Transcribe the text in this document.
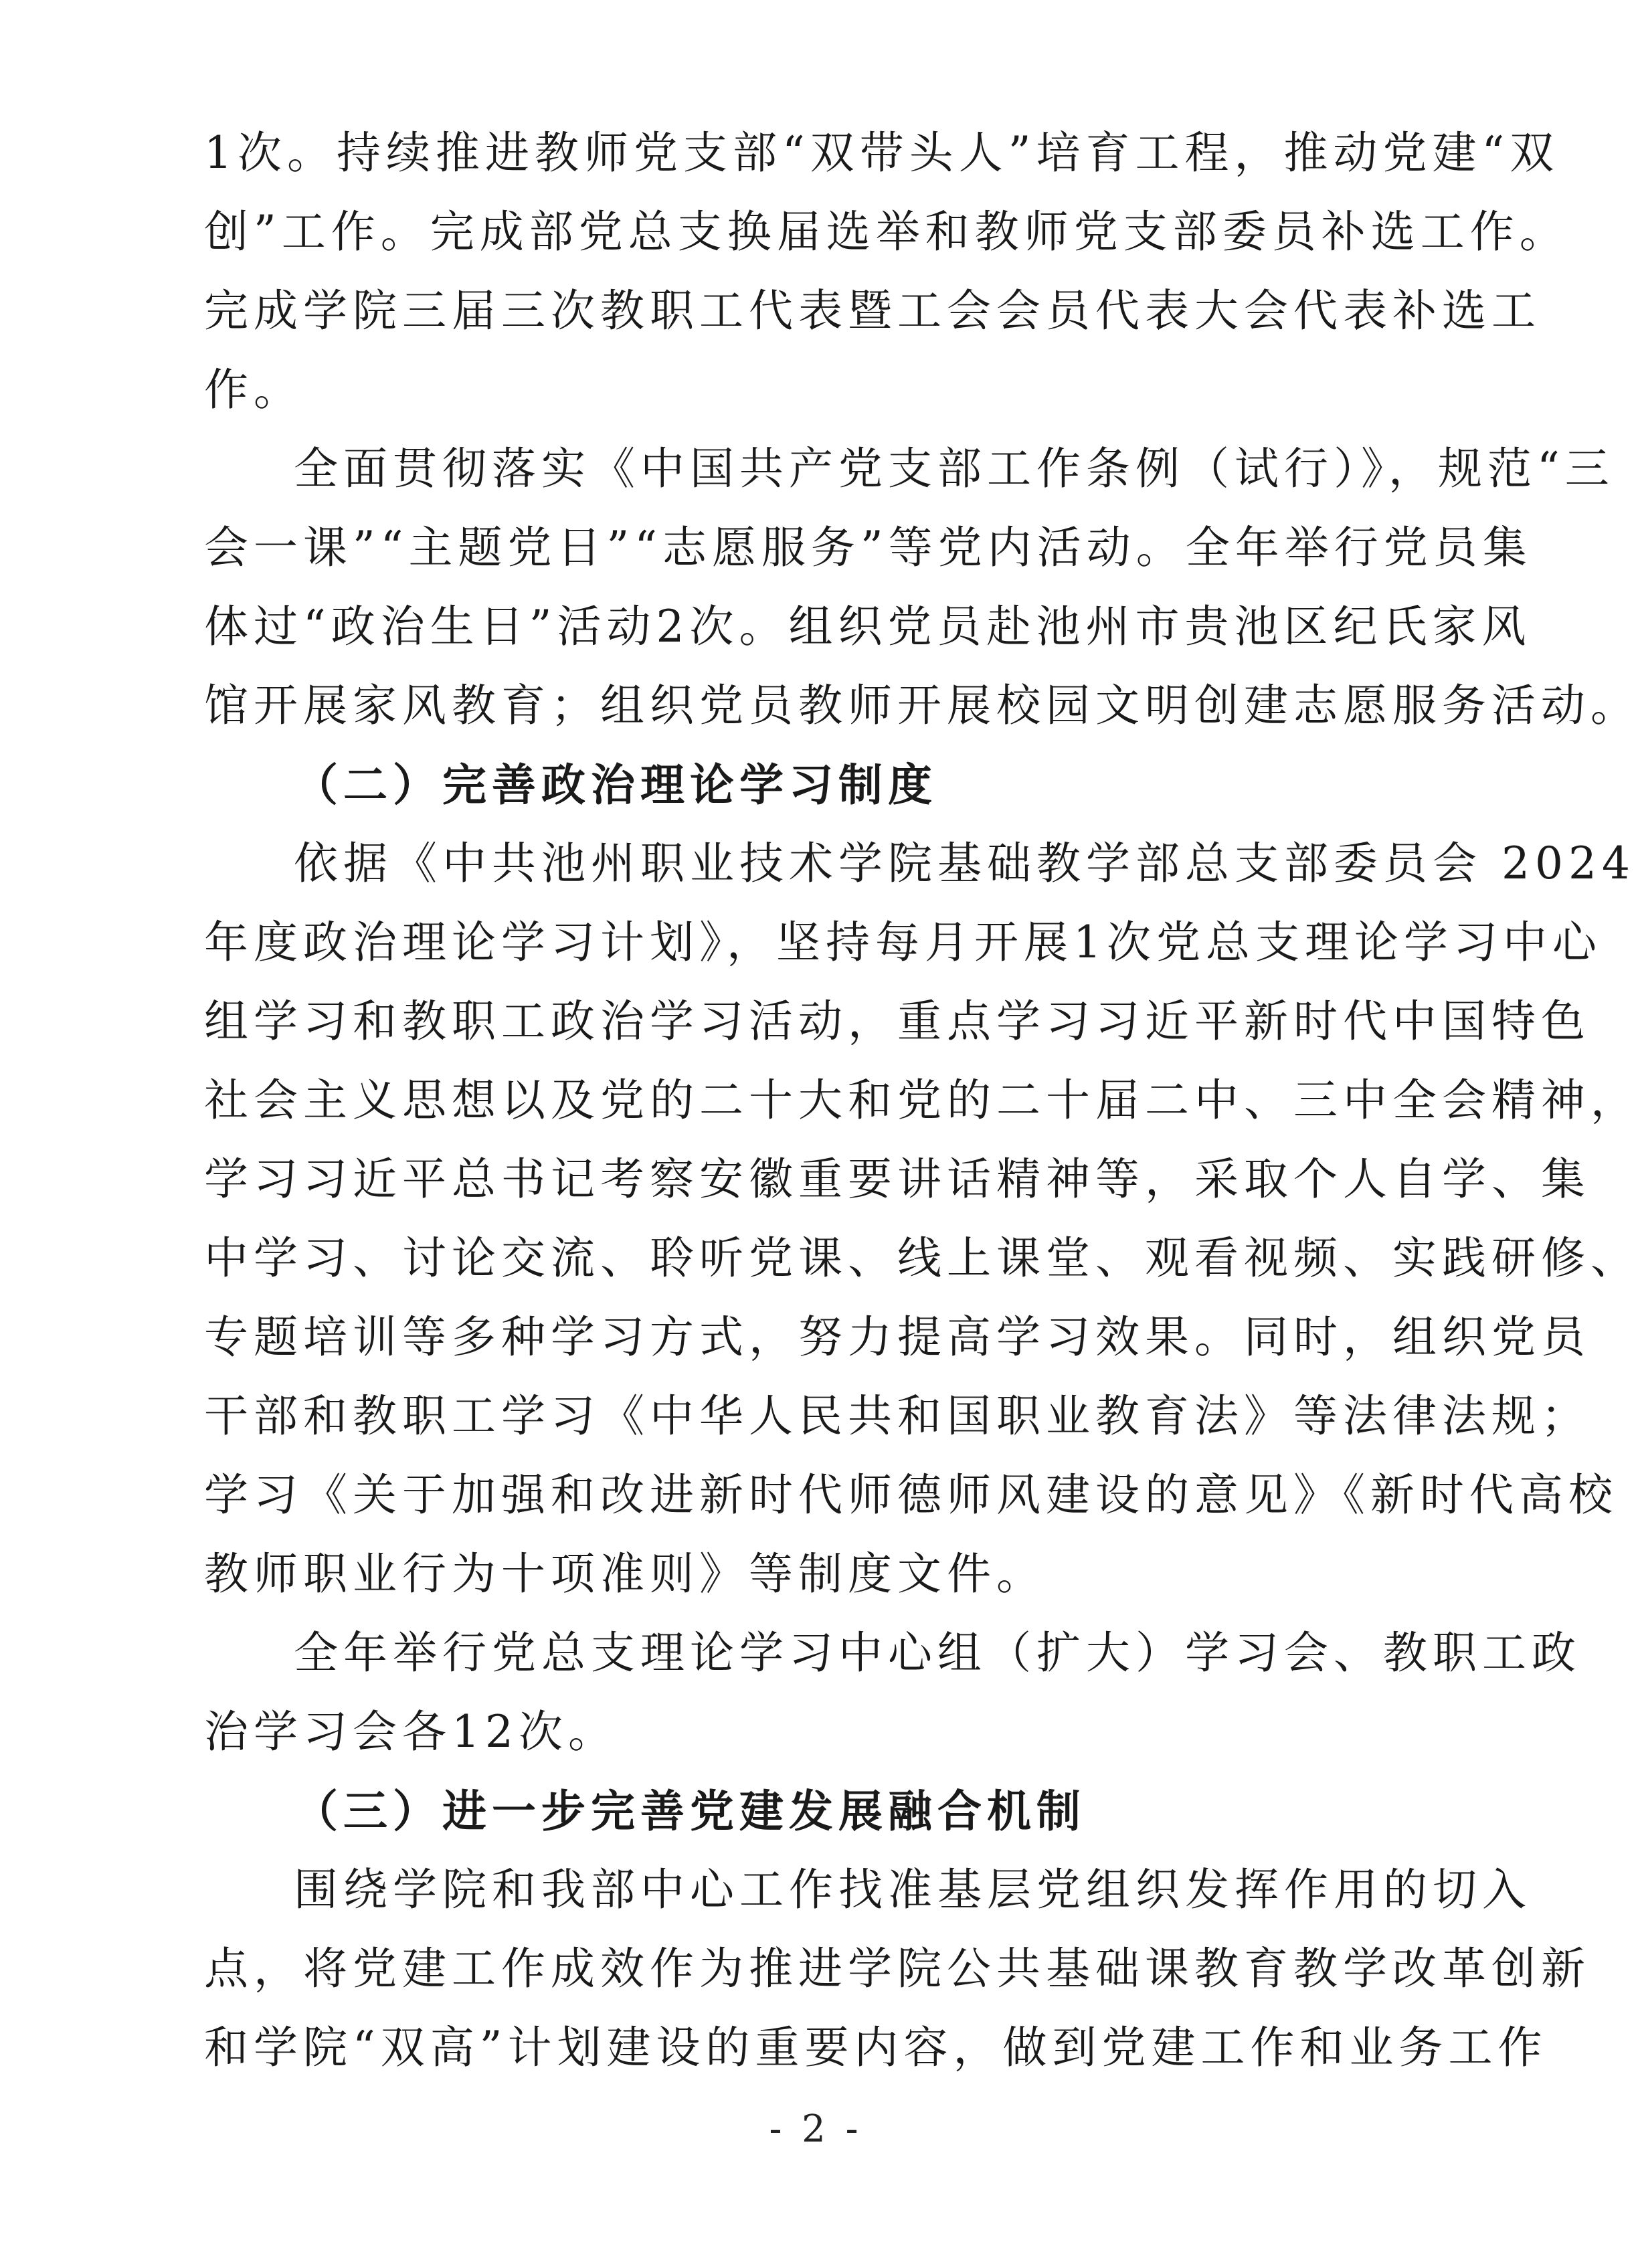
1次。持续推进教师党支部“双带头人”培育工程，推动党建“双
创”工作。完成部党总支换届选举和教师党支部委员补选工作。
完成学院三届三次教职工代表暨工会会员代表大会代表补选工
作。
全面贯彻落实《中国共产党支部工作条例（试行）》，规范“三
会一课”“主题党日”“志愿服务”等党内活动。全年举行党员集
体过“政治生日”活动2次。组织党员赴池州市贵池区纪氏家风
馆开展家风教育；组织党员教师开展校园文明创建志愿服务活动。
（二）完善政治理论学习制度
依据《中共池州职业技术学院基础教学部总支部委员会 2024
年度政治理论学习计划》，坚持每月开展1次党总支理论学习中心
组学习和教职工政治学习活动，重点学习习近平新时代中国特色
社会主义思想以及党的二十大和党的二十届二中、三中全会精神，
学习习近平总书记考察安徽重要讲话精神等，采取个人自学、集
中学习、讨论交流、聆听党课、线上课堂、观看视频、实践研修、
专题培训等多种学习方式，努力提高学习效果。同时，组织党员
干部和教职工学习《中华人民共和国职业教育法》等法律法规；
学习《关于加强和改进新时代师德师风建设的意见》《新时代高校
教师职业行为十项准则》等制度文件。
全年举行党总支理论学习中心组（扩大）学习会、教职工政
治学习会各12次。
（三）进一步完善党建发展融合机制
围绕学院和我部中心工作找准基层党组织发挥作用的切入
点，将党建工作成效作为推进学院公共基础课教育教学改革创新
和学院“双高”计划建设的重要内容，做到党建工作和业务工作
- 2 -
